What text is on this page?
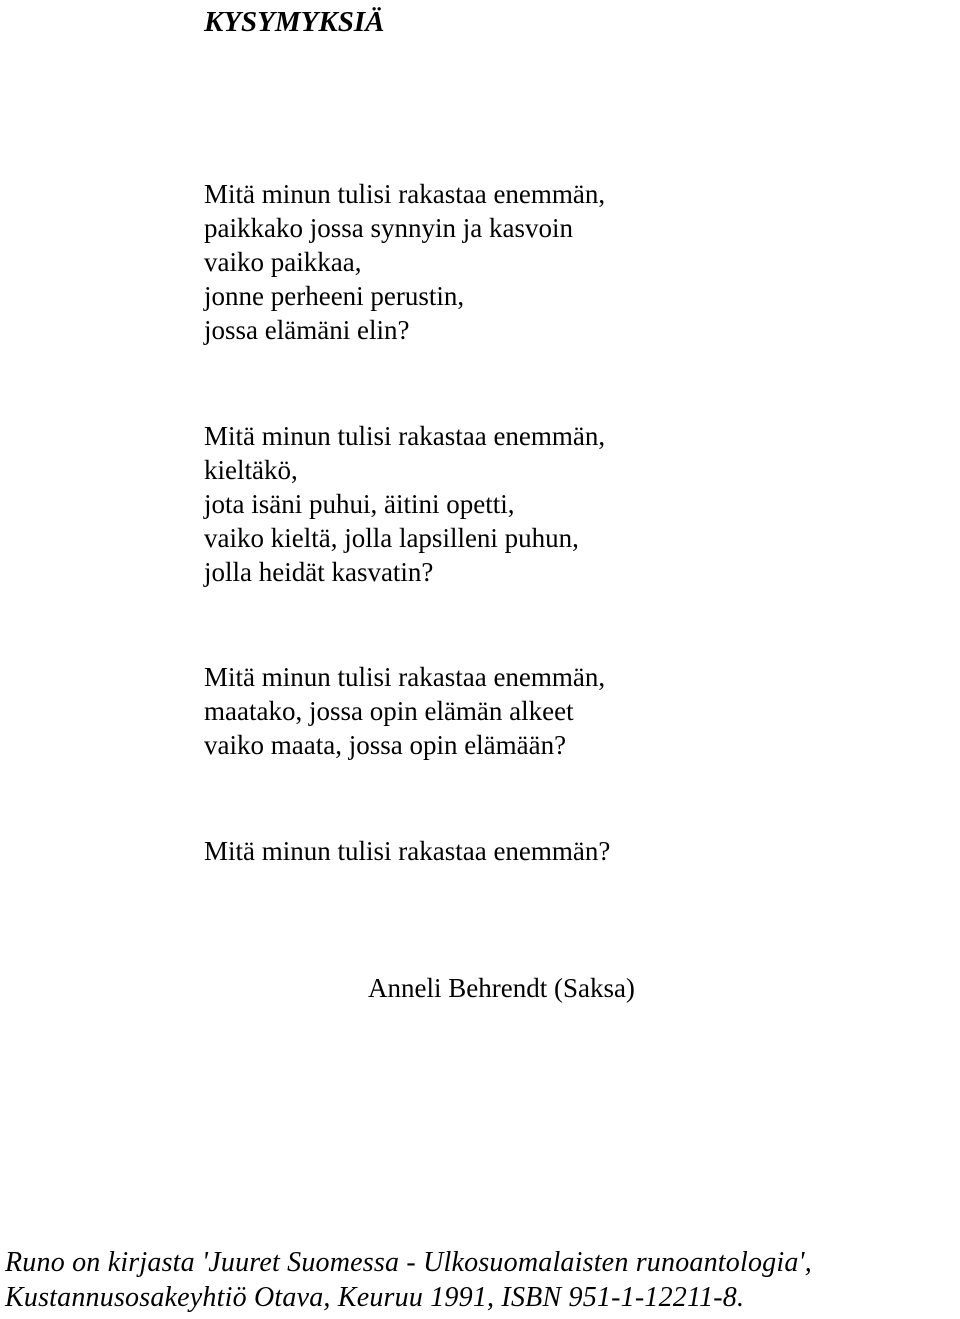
KYSYMYKSIÄ
Mitä minun tulisi rakastaa enemmän,
paikkako jossa synnyin ja kasvoin
vaiko paikkaa,
jonne perheeni perustin,
jossa elämäni elin?
Mitä minun tulisi rakastaa enemmän,
kieltäkö,
jota isäni puhui, äitini opetti,
vaiko kieltä, jolla lapsilleni puhun,
jolla heidät kasvatin?
Mitä minun tulisi rakastaa enemmän,
maatako, jossa opin elämän alkeet
vaiko maata, jossa opin elämään?
Mitä minun tulisi rakastaa enemmän?
Anneli Behrendt (Saksa)
Runo on kirjasta 'Juuret Suomessa - Ulkosuomalaisten runoantologia',
Kustannusosakeyhtiö Otava, Keuruu 1991, ISBN 951-1-12211-8.
